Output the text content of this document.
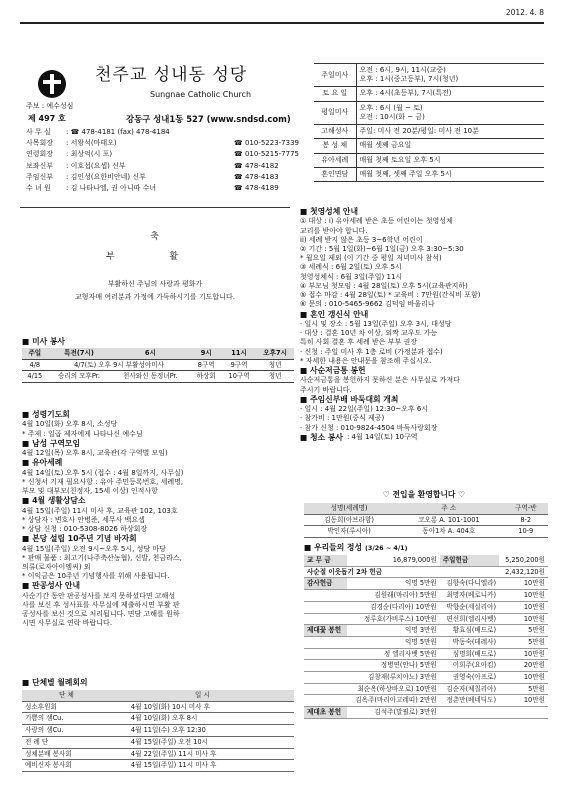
2012. 4. 8
천주교 성내동 성당
Sungnae Catholic Church
주보 : 예수성심
제 497 호	강동구 성내1동 527 (www.sndsd.com)
사 무 실	: ☎ 478-4181 (fax) 478-4184
사목회장	: 서왕석(마태오)	☎ 010-5223-7339
연령회장	: 최상억(시 포)	☎ 010-5215-7775
보좌신부	: 이호섭(요셉) 신부	☎ 478-4182
주임신부	: 김인성(요한비안네) 신부	☎ 478-4183
수 녀 원	: 김 나타나엘, 권 아니따 수녀	☎ 478-4189
주일미사	오전 : 6시, 9시, 11시(교중)
오후 : 1시(중고등부), 7시(청년)

토 요 일	오후 : 4시(초등부), 7시(특전)
평일미사	오후 : 6시 (월 ~ 토)
오전 : 10시(화 ~ 금)

고해성사	주일: 미사 전 20분/평일: 미사 전 10분
봉 성 체	매월 셋째 금요일
유아세례	매월 첫째 토요일 오후 5시
혼인면담	매월 첫째, 셋째 주일 오후 5시
축
부 활
부활하신 주님의 사랑과 평화가
교형자매 여러분과 가정에 가득하시기를 기도합니다.
■ 미사 봉사
주일	특전(7시)	6시	9시	11시	오후7시
4/8	4/7(토) 오후 9시 부활성야미사		8구역	9구역	청년
4/15	승리의 모후Pr.	천사와신 동정녀Pr.	하상회	10구역	청년
■ 성령기도회
4월 10일(화) 오후 8시, 소성당
* 주제 : 일곱 제자에게 나타나신 예수님
■ 남성 구역모임
4월 12일(목) 오후 8시, 교육관(각 구역별 모임)
■ 유아세례
4월 14일(토) 오후 5시 (접수 : 4월 8일까지, 사무실)
* 신청서 기재 필요사항 : 유아 주민등록번호, 세례명,
부모 및 대부모(친정자, 15세 이상) 인적사항
■ 4월 생활상담소
4월 15일(주일) 11시 미사 후, 교육관 102, 103호
* 상담자 : 변호사 안병준, 세무사 백요셉
* 상담 신청 : 010-5308-8026 하상회장
■ 본당 설립 10주년 기념 바자회
4월 15일(주일) 오전 9시~오후 5시, 성당 마당
* 판매 물품 : 최고기(나주축산농협), 신발, 천금라스,
의류(로자아이엠씨) 외
* 이익금은 10주년 기념행사를 위해 사용됩니다.
■ 판공성사 안내
사순기간 동안 판공성사를 보지 못하셨다면 고해성
사를 보신 후 성사표를 사무실에 제출하시면 부활 판
공성사를 보신 것으로 처리됩니다. 면담 고해를 원하
시면 사무실로 연락 바랍니다.
■ 단체별 월례회의
단 체	일 시
성소후원회	4월 10일(화) 10시 미사 후
기쁨의 샘Cu.	4월 10일(화) 오후 8시
사랑의 샘Cu.	4월 11일(수) 오후 12:30
전 례 단	4월 15일(주일) 오전 10시
성체분배 봉사회	4월 22일(주일) 11시 미사 후
예비신자 봉사회	4월 15일(주일) 11시 미사 후
■ 첫영성체 안내
① 대상 : i) 유아세례 받은 초등 어린이는 첫영성체
교리를 받아야 합니다.
ii) 세례 받지 않은 초등 3~6학년 어린이
② 기간 : 5월 1일(화)~6월 1일(금) 오후 3:30~5:30
* 월요일 제외 (이 기간 중 평일 저녁미사 참석)
③ 세례식 : 6월 2일(토) 오후 5시
첫영성체식 : 6월 3일(주일) 11시
④ 부모님 첫모임 : 4월 28일(토) 오후 5시(교육관지하)
⑤ 접수 마감 : 4월 28일(토) * 교육비 : 7만원(간식비 포함)
⑥ 문의 : 010-5465-9662 김덕임 바울리나
■ 혼인 갱신식 안내
· 일시 및 장소 : 5월 13일(주일) 오후 3시, 대성당
· 대상 : 결혼 10년 차 이상, 외짝 교우도 가능
특히 사회 결혼 후 세례 받은 부부 권장
· 신청 : 주일 미사 후 1층 로비 (가정분과 접수)
* 자세한 내용은 안내문을 참조해 주십시오.
■ 사순저금통 봉헌
사순저금통을 봉헌하지 못하신 분은 사무실로 가져다
주시기 바랍니다.
■ 주임신부배 바둑대회 개최
· 일시 : 4월 22일(주일) 12:30~오후 6시
· 참가비 : 1만원(중식 제공)
· 참가 신청 : 010-9824-4504 바둑사랑회장
■ 청소 봉사 : 4월 14일(토) 10구역
♡ 전입을 환영합니다 ♡
성명(세례명)	주 소	구역-반
김동희(아브라함)	코오롱 A. 101-1001	8-2
박인자(루시아)	동아1차 A. 404호	10-9
■ 우리들의 정성 (3/26 ~ 4/1)
교 무 금	16,879,000원	주일헌금	5,250,200원
사순절 이웃돕기 2차 헌금			2,432,120원
감사헌금	익명 5만원	김향숙(다니엘라)	10만원
	김원래(마리아) 5만원	최명자(베로니카)	10만원
	김경순(다리아) 10만원	박향순(세실리아)	10만원
	정루호(가비루스) 10만원	편선희(엘리사벳)	10만원
제대꽃 봉헌	익명 3만원	황효심(베드로)	5만원
	익명 5만원	박동숙(데레사)	5만원
	정 엘리사벳 5만원	심명희(베드로)	10만원
	정병연(안나) 5만원	이희주(요아킴)	20만원
	김창재(루치아노) 3만원	권영숙(아프로)	10만원
	최순옥(하상바오로) 10만원	김순자(체칠리아)	5만원
	김옥주(마리아고레띠) 2만원	정춘만(베네딕도)	10만원
제대초 봉헌	김석주(말필로) 3만원		
